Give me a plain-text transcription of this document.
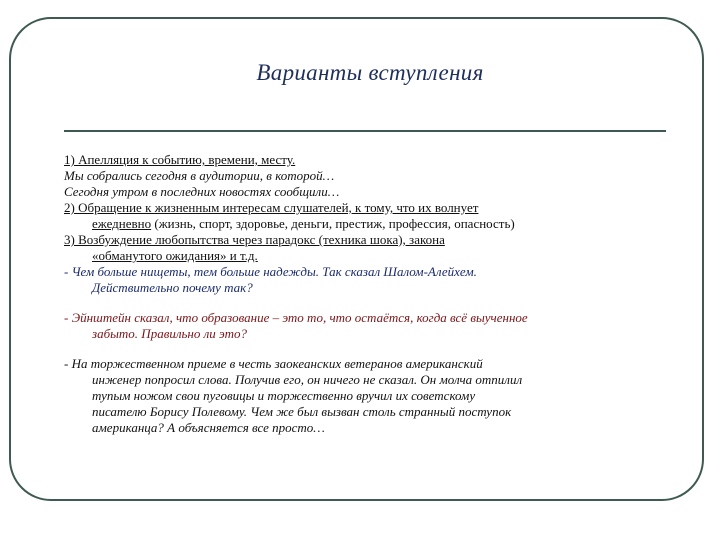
Варианты вступления

1) Апелляция к событию, времени, месту.

Мы собрались сегодня в аудитории, в которой…

Сегодня утром в последних новостях сообщили…

2) Обращение к жизненным интересам слушателей, к тому, что их волнует

ежедневно (жизнь, спорт, здоровье, деньги, престиж, профессия, опасность)

3) Возбуждение любопытства через парадокс (техника шока), закона

«обманутого ожидания» и т.д.

- Чем больше нищеты, тем больше надежды. Так сказал Шалом-Алейхем.

Действительно почему так?

- Эйнштейн сказал, что образование – это то, что остаётся, когда всё выученное

забыто. Правильно ли это?

- На торжественном приеме в честь заокеанских ветеранов американский

инженер попросил слова. Получив его, он ничего не сказал. Он молча отпилил

тупым ножом свои пуговицы и торжественно вручил их советскому

писателю Борису Полевому. Чем же был вызван столь странный поступок

американца? А объясняется все просто…
